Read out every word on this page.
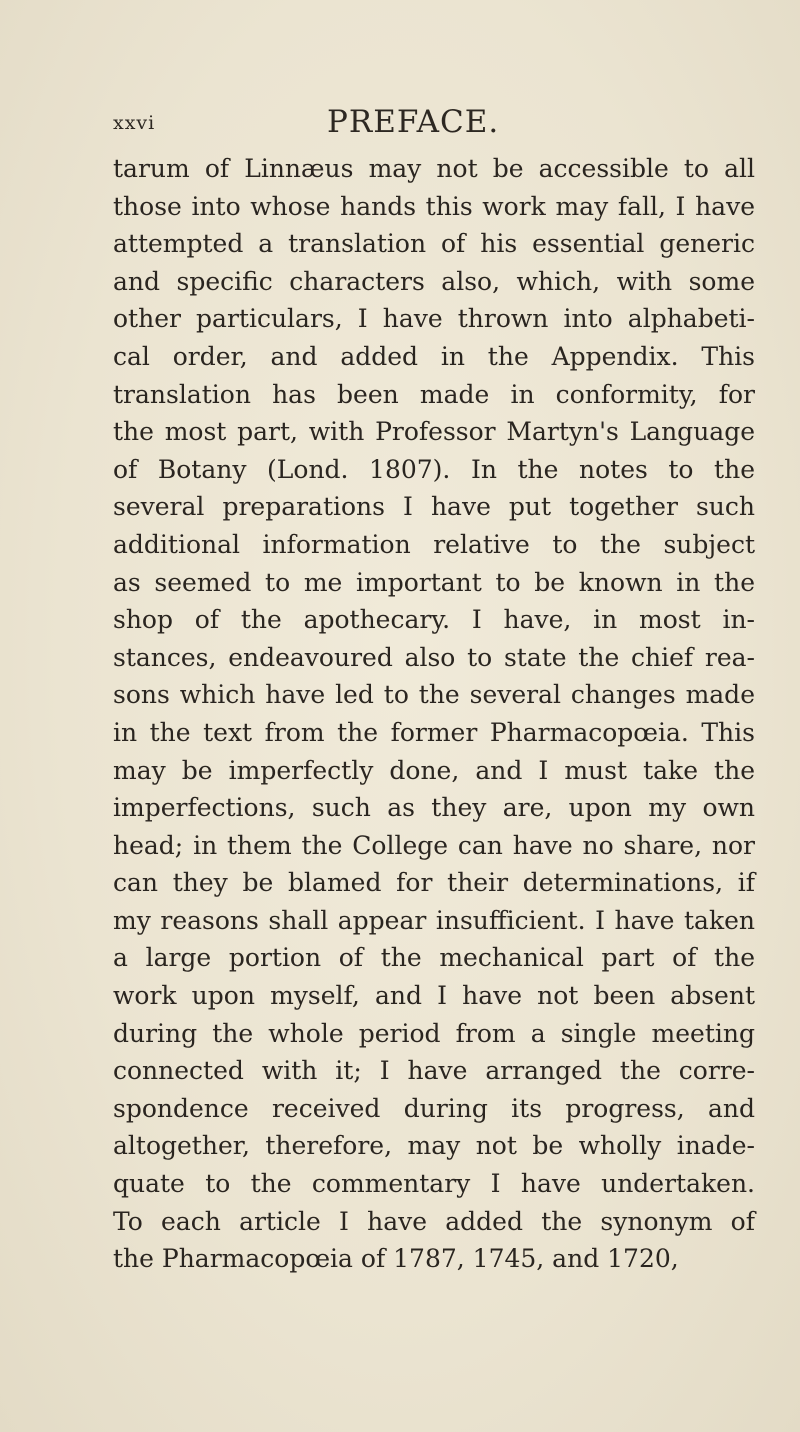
xxvi	PREFACE.
tarum of Linnæus may not be accessible to all
those into whose hands this work may fall, I have
attempted a translation of his essential generic
and specific characters also, which, with some
other particulars, I have thrown into alphabeti-
cal order, and added in the Appendix. This
translation has been made in conformity, for
the most part, with Professor Martyn's Language
of Botany (Lond. 1807). In the notes to the
several preparations I have put together such
additional information relative to the subject
as seemed to me important to be known in the
shop of the apothecary. I have, in most in-
stances, endeavoured also to state the chief rea-
sons which have led to the several changes made
in the text from the former Pharmacopœia. This
may be imperfectly done, and I must take the
imperfections, such as they are, upon my own
head; in them the College can have no share, nor
can they be blamed for their determinations, if
my reasons shall appear insufficient. I have taken
a large portion of the mechanical part of the
work upon myself, and I have not been absent
during the whole period from a single meeting
connected with it; I have arranged the corre-
spondence received during its progress, and
altogether, therefore, may not be wholly inade-
quate to the commentary I have undertaken.
To each article I have added the synonym of
the Pharmacopœia of 1787, 1745, and 1720,
